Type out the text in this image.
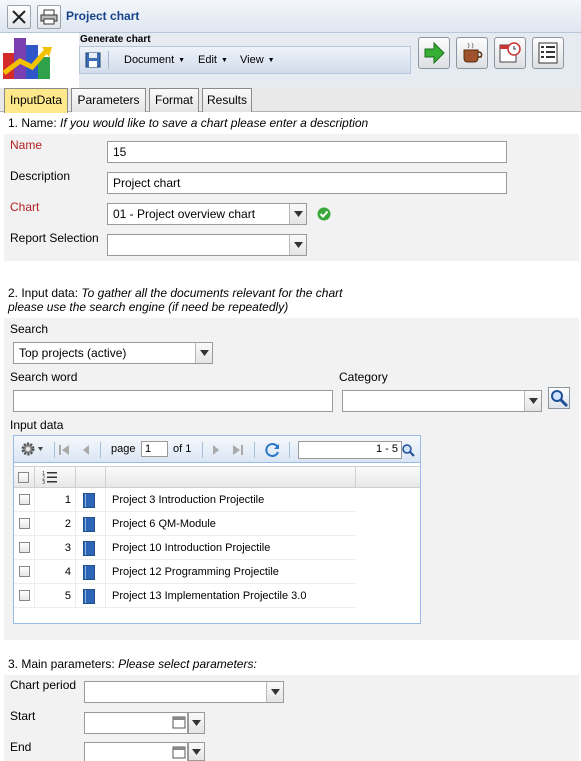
Project chart
Generate chart
Document ▼ Edit ▼ View ▼
InputData	Parameters	Format	Results
1. Name: If you would like to save a chart please enter a description
Name	15
Description	Project chart
Chart	01 - Project overview chart
Report Selection
2. Input data: To gather all the documents relevant for the chart
please use the search engine (if need be repeatedly)
Search
Top projects (active)
Search word	Category
Input data
page 1	of 1	1 - 5
1
2
3
1	Project 3 Introduction Projectile
2	Project 6 QM-Module
3	Project 10 Introduction Projectile
4	Project 12 Programming Projectile
5	Project 13 Implementation Projectile 3.0
3. Main parameters: Please select parameters:
Chart period
Start
End
